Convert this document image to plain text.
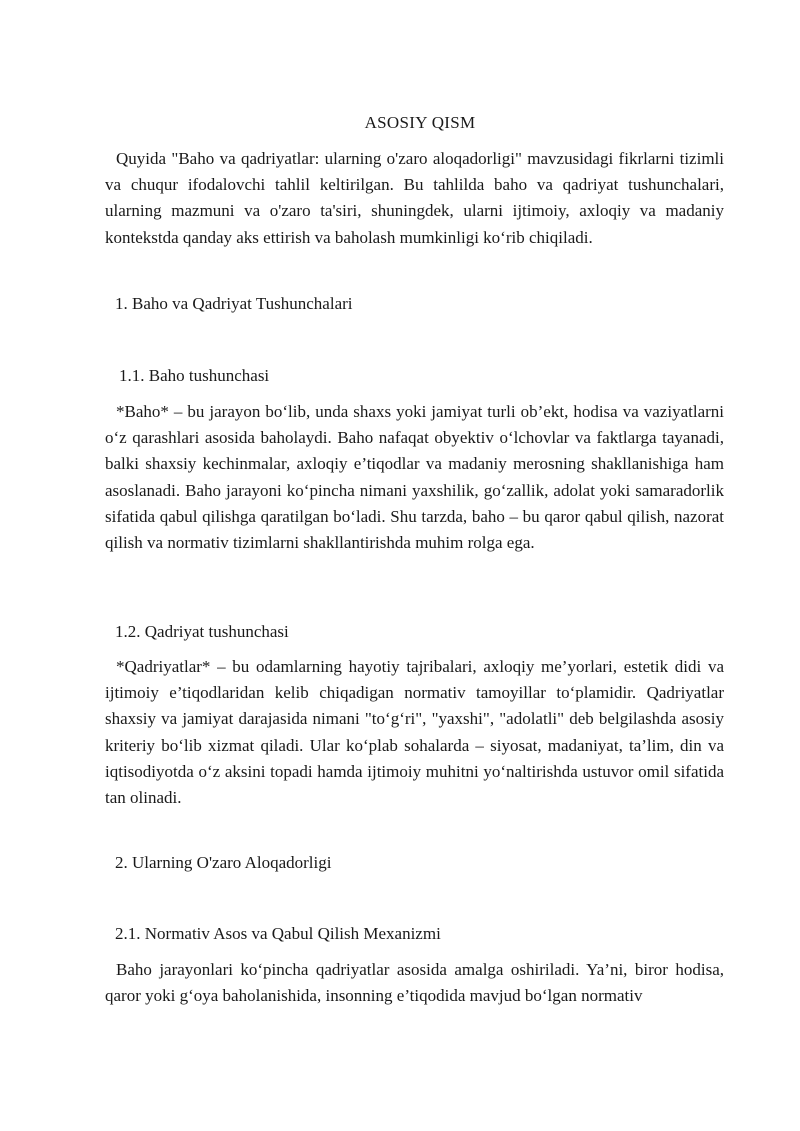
ASOSIY QISM

Quyida "Baho va qadriyatlar: ularning o'zaro aloqadorligi" mavzusidagi fikrlarni tizimli va chuqur ifodalovchi tahlil keltirilgan. Bu tahlilda baho va qadriyat tushunchalari, ularning mazmuni va o'zaro ta'siri, shuningdek, ularni ijtimoiy, axloqiy va madaniy kontekstda qanday aks ettirish va baholash mumkinligi ko‘rib chiqiladi.

1. Baho va Qadriyat Tushunchalari
1.1. Baho tushunchasi

*Baho* – bu jarayon bo‘lib, unda shaxs yoki jamiyat turli ob’ekt, hodisa va vaziyatlarni o‘z qarashlari asosida baholaydi. Baho nafaqat obyektiv o‘lchovlar va faktlarga tayanadi, balki shaxsiy kechinmalar, axloqiy e’tiqodlar va madaniy merosning shakllanishiga ham asoslanadi. Baho jarayoni ko‘pincha nimani yaxshilik, go‘zallik, adolat yoki samaradorlik sifatida qabul qilishga qaratilgan bo‘ladi. Shu tarzda, baho – bu qaror qabul qilish, nazorat qilish va normativ tizimlarni shakllantirishda muhim rolga ega.

1.2. Qadriyat tushunchasi

*Qadriyatlar* – bu odamlarning hayotiy tajribalari, axloqiy me’yorlari, estetik didi va ijtimoiy e’tiqodlaridan kelib chiqadigan normativ tamoyillar to‘plamidir. Qadriyatlar shaxsiy va jamiyat darajasida nimani "to‘g‘ri", "yaxshi", "adolatli" deb belgilashda asosiy kriteriy bo‘lib xizmat qiladi. Ular ko‘plab sohalarda – siyosat, madaniyat, ta’lim, din va iqtisodiyotda o‘z aksini topadi hamda ijtimoiy muhitni yo‘naltirishda ustuvor omil sifatida tan olinadi.

2. Ularning O'zaro Aloqadorligi
2.1. Normativ Asos va Qabul Qilish Mexanizmi

Baho jarayonlari ko‘pincha qadriyatlar asosida amalga oshiriladi. Ya’ni, biror hodisa, qaror yoki g‘oya baholanishida, insonning e’tiqodida mavjud bo‘lgan normativ
